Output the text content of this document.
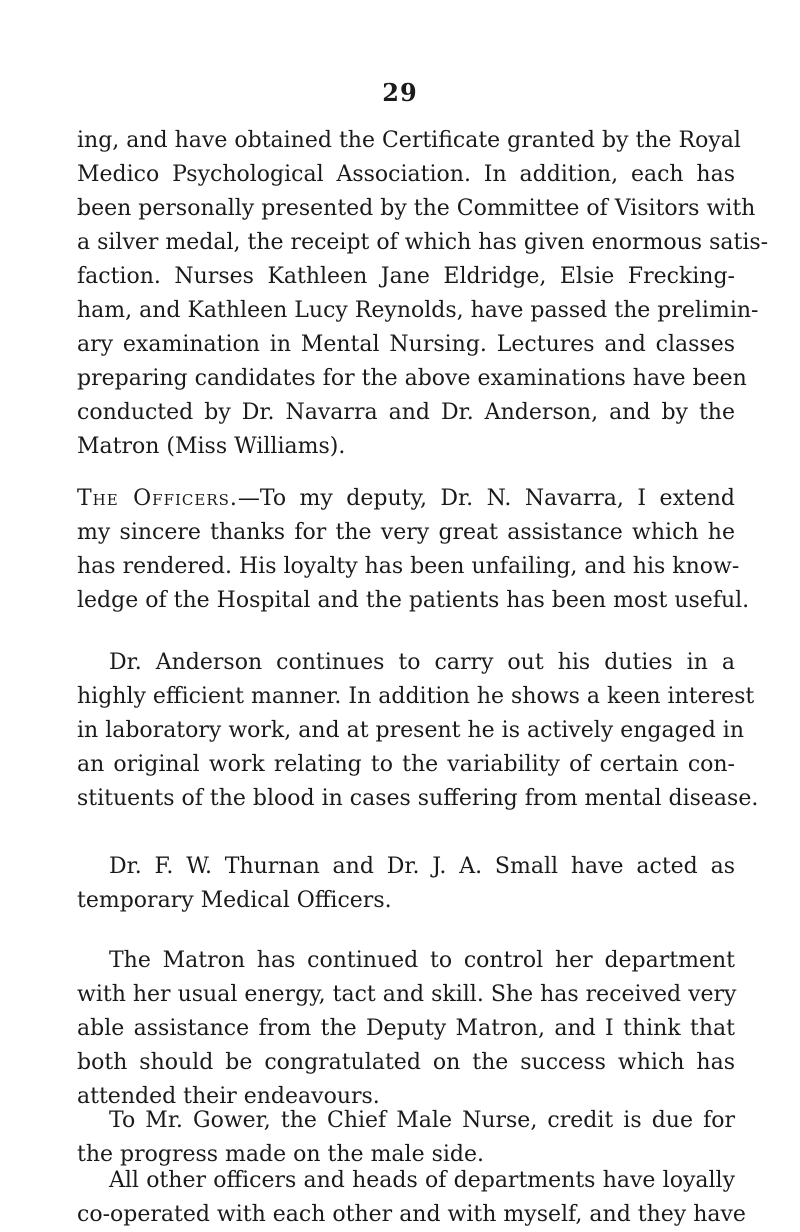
29
ing, and have obtained the Certificate granted by the Royal
Medico Psychological Association. In addition, each has
been personally presented by the Committee of Visitors with
a silver medal, the receipt of which has given enormous satis-
faction. Nurses Kathleen Jane Eldridge, Elsie Frecking-
ham, and Kathleen Lucy Reynolds, have passed the prelimin-
ary examination in Mental Nursing. Lectures and classes
preparing candidates for the above examinations have been
conducted by Dr. Navarra and Dr. Anderson, and by the
Matron (Miss Williams).
The Officers.—To my deputy, Dr. N. Navarra, I extend
my sincere thanks for the very great assistance which he
has rendered. His loyalty has been unfailing, and his know-
ledge of the Hospital and the patients has been most useful.
Dr. Anderson continues to carry out his duties in a
highly efficient manner. In addition he shows a keen interest
in laboratory work, and at present he is actively engaged in
an original work relating to the variability of certain con-
stituents of the blood in cases suffering from mental disease.
Dr. F. W. Thurnan and Dr. J. A. Small have acted as
temporary Medical Officers.
The Matron has continued to control her department
with her usual energy, tact and skill. She has received very
able assistance from the Deputy Matron, and I think that
both should be congratulated on the success which has
attended their endeavours.
To Mr. Gower, the Chief Male Nurse, credit is due for
the progress made on the male side.
All other officers and heads of departments have loyally
co-operated with each other and with myself, and they have
